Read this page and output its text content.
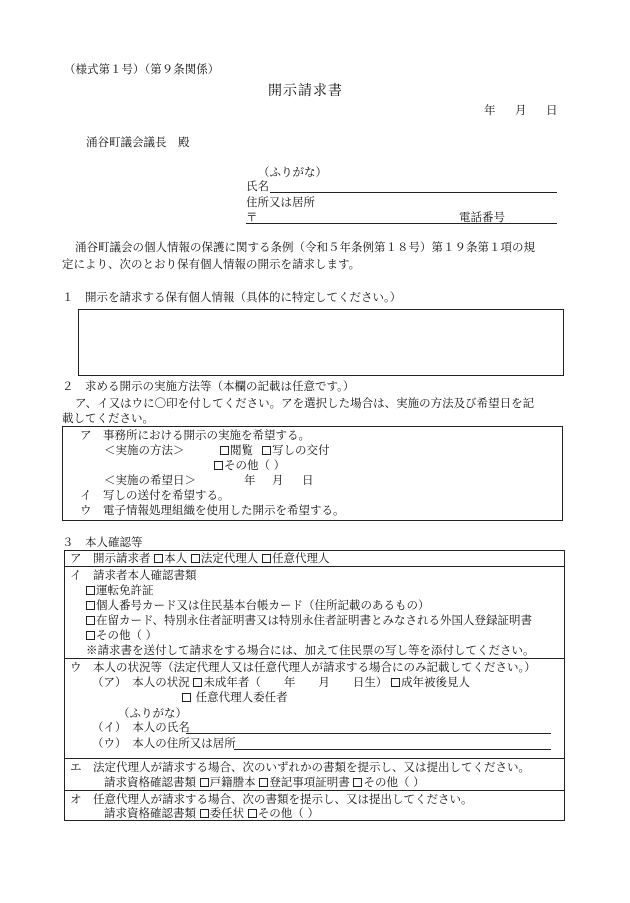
（様式第１号）（第９条関係）
開示請求書
年 月 日
涌谷町議会議長　殿
（ふりがな）
氏名
住所又は居所
〒	電話番号
涌谷町議会の個人情報の保護に関する条例（令和５年条例第１８号）第１９条第１項の規
定により、次のとおり保有個人情報の開示を請求します。
１　開示を請求する保有個人情報（具体的に特定してください。）
２　求める開示の実施方法等（本欄の記載は任意です。）
ア、イ又はウに〇印を付してください。アを選択した場合は、実施の方法及び希望日を記
載してください。
ア　事務所における開示の実施を希望する。
＜実施の方法＞	閲覧	写しの交付
その他（ ）
＜実施の希望日＞	年 月 日
イ　写しの送付を希望する。
ウ　電子情報処理組織を使用した開示を希望する。
３　本人確認等
ア　開示請求者 本人 法定代理人 任意代理人
イ　請求者本人確認書類
運転免許証
個人番号カード又は住民基本台帳カード（住所記載のあるもの）
在留カード、特別永住者証明書又は特別永住者証明書とみなされる外国人登録証明書
その他（ ）
※請求書を送付して請求をする場合には、加えて住民票の写し等を添付してください。
ウ　本人の状況等（法定代理人又は任意代理人が請求する場合にのみ記載してください。）
（ア）　本人の状況 未成年者（　　年　　月　　日生） 成年被後見人
任意代理人委任者
（ふりがな）
（イ）　本人の氏名
（ウ）　本人の住所又は居所
エ　法定代理人が請求する場合、次のいずれかの書類を提示し、又は提出してください。
請求資格確認書類 戸籍謄本 登記事項証明書 その他（ ）
オ　任意代理人が請求する場合、次の書類を提示し、又は提出してください。
請求資格確認書類 委任状 その他（ ）
